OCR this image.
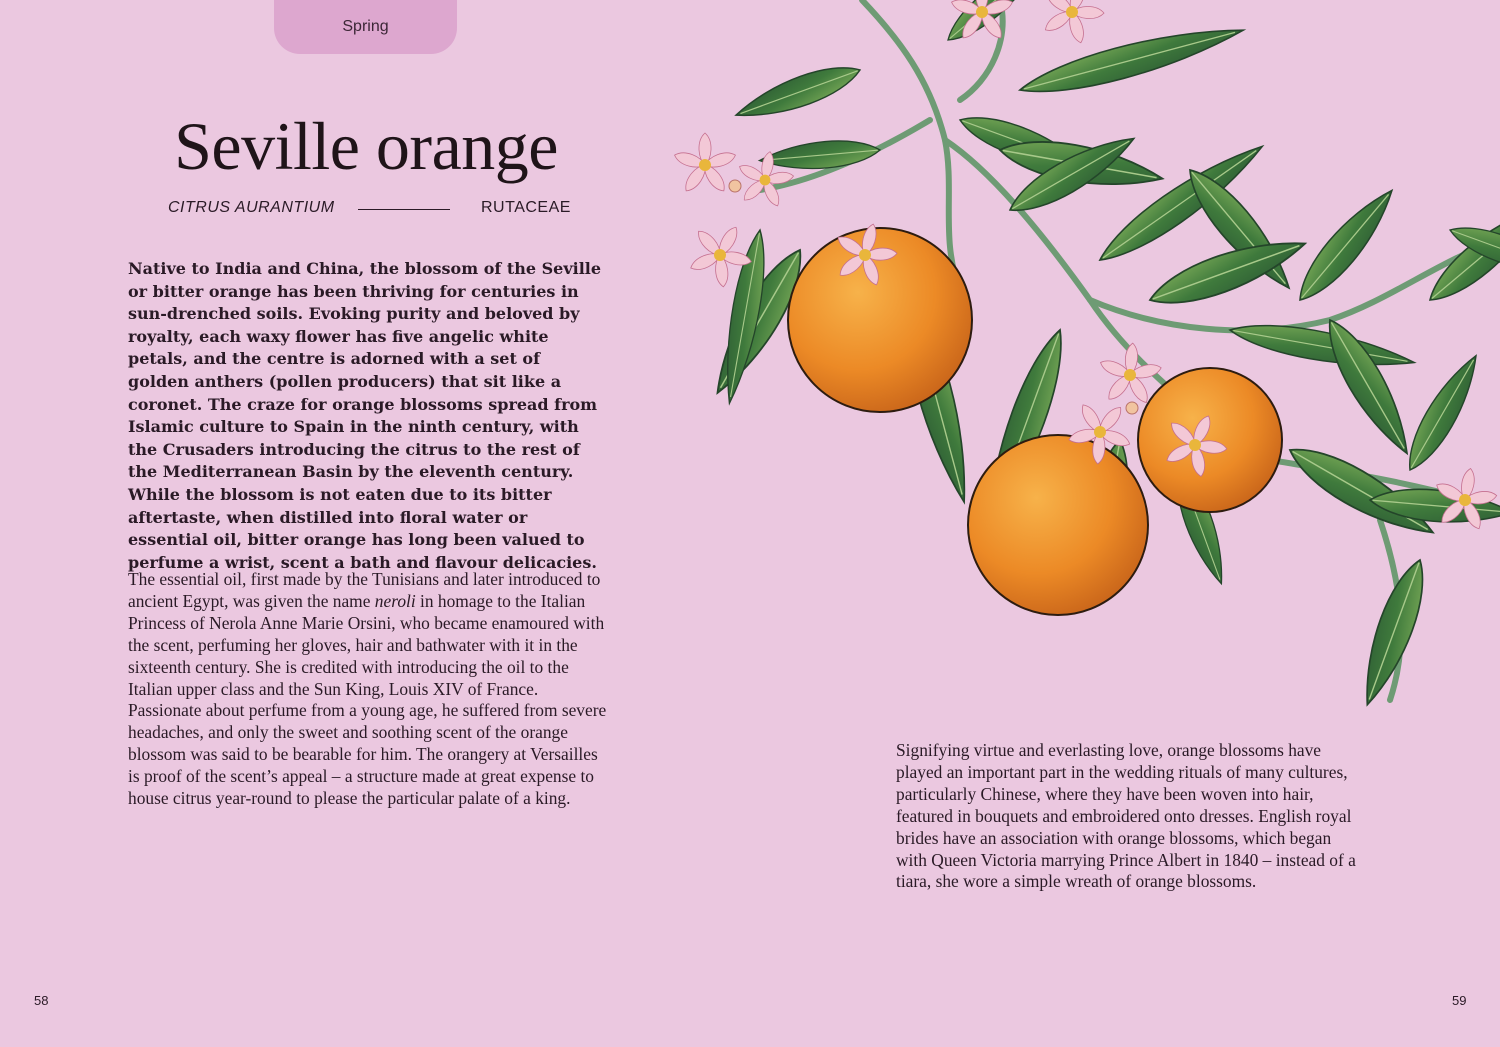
Spring
Seville orange
CITRUS AURANTIUM	RUTACEAE

Native to India and China, the blossom of the Seville or bitter orange has been thriving for centuries in sun-drenched soils. Evoking purity and beloved by royalty, each waxy flower has five angelic white petals, and the centre is adorned with a set of golden anthers (pollen producers) that sit like a coronet. The craze for orange blossoms spread from Islamic culture to Spain in the ninth century, with the Crusaders introducing the citrus to the rest of the Mediterranean Basin by the eleventh century. While the blossom is not eaten due to its bitter aftertaste, when distilled into floral water or essential oil, bitter orange has long been valued to perfume a wrist, scent a bath and flavour delicacies.

The essential oil, first made by the Tunisians and later introduced to ancient Egypt, was given the name neroli in homage to the Italian Princess of Nerola Anne Marie Orsini, who became enamoured with the scent, perfuming her gloves, hair and bathwater with it in the sixteenth century. She is credited with introducing the oil to the Italian upper class and the Sun King, Louis XIV of France. Passionate about perfume from a young age, he suffered from severe headaches, and only the sweet and soothing scent of the orange blossom was said to be bearable for him. The orangery at Versailles is proof of the scent’s appeal – a structure made at great expense to house citrus year-round to please the particular palate of a king.

Signifying virtue and everlasting love, orange blossoms have played an important part in the wedding rituals of many cultures, particularly Chinese, where they have been woven into hair, featured in bouquets and embroidered onto dresses. English royal brides have an association with orange blossoms, which began with Queen Victoria marrying Prince Albert in 1840 – instead of a tiara, she wore a simple wreath of orange blossoms.

58	59
